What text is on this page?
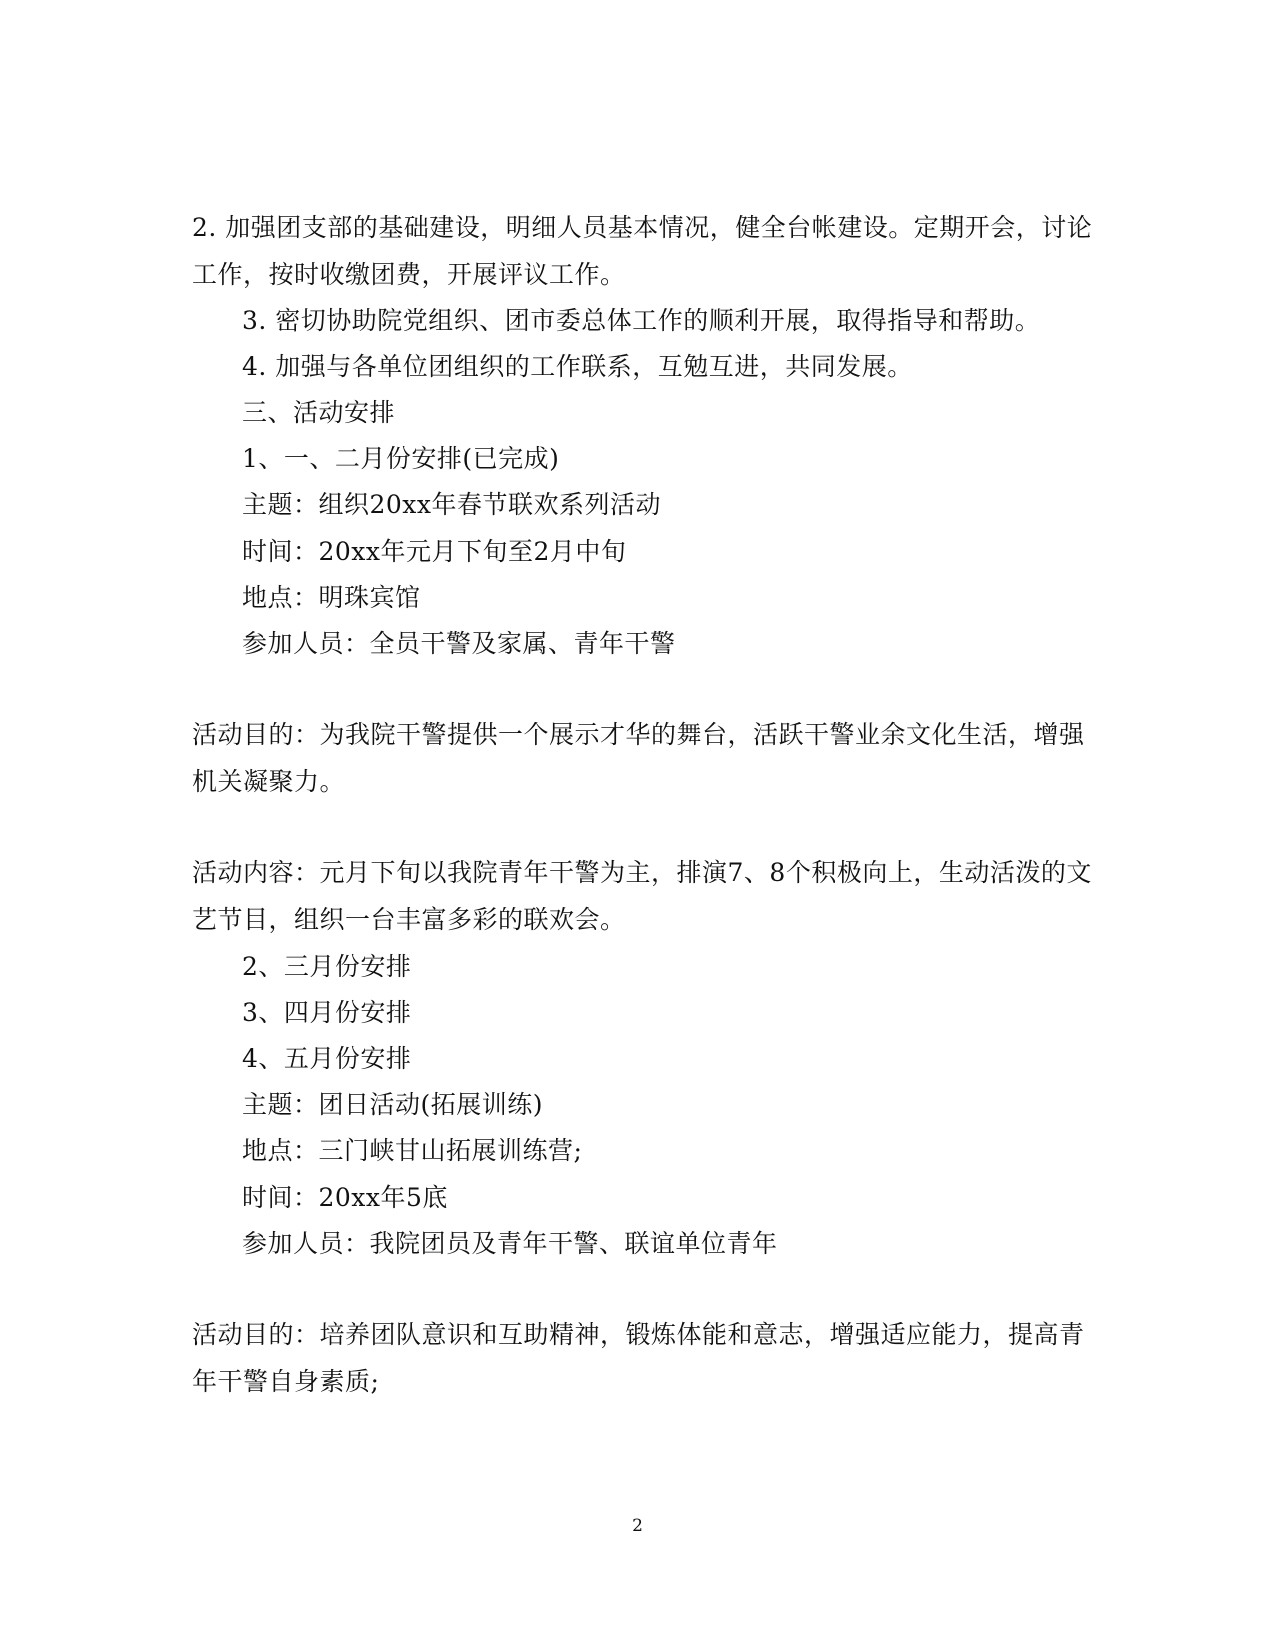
2. 加强团支部的基础建设，明细人员基本情况，健全台帐建设。定期开会，讨论
工作，按时收缴团费，开展评议工作。
3. 密切协助院党组织、团市委总体工作的顺利开展，取得指导和帮助。
4. 加强与各单位团组织的工作联系，互勉互进，共同发展。
三、活动安排
1、一、二月份安排(已完成)
主题：组织20xx年春节联欢系列活动
时间：20xx年元月下旬至2月中旬
地点：明珠宾馆
参加人员：全员干警及家属、青年干警
活动目的：为我院干警提供一个展示才华的舞台，活跃干警业余文化生活，增强
机关凝聚力。
活动内容：元月下旬以我院青年干警为主，排演7、8个积极向上，生动活泼的文
艺节目，组织一台丰富多彩的联欢会。
2、三月份安排
3、四月份安排
4、五月份安排
主题：团日活动(拓展训练)
地点：三门峡甘山拓展训练营;
时间：20xx年5底
参加人员：我院团员及青年干警、联谊单位青年
活动目的：培养团队意识和互助精神，锻炼体能和意志，增强适应能力，提高青
年干警自身素质;
2
